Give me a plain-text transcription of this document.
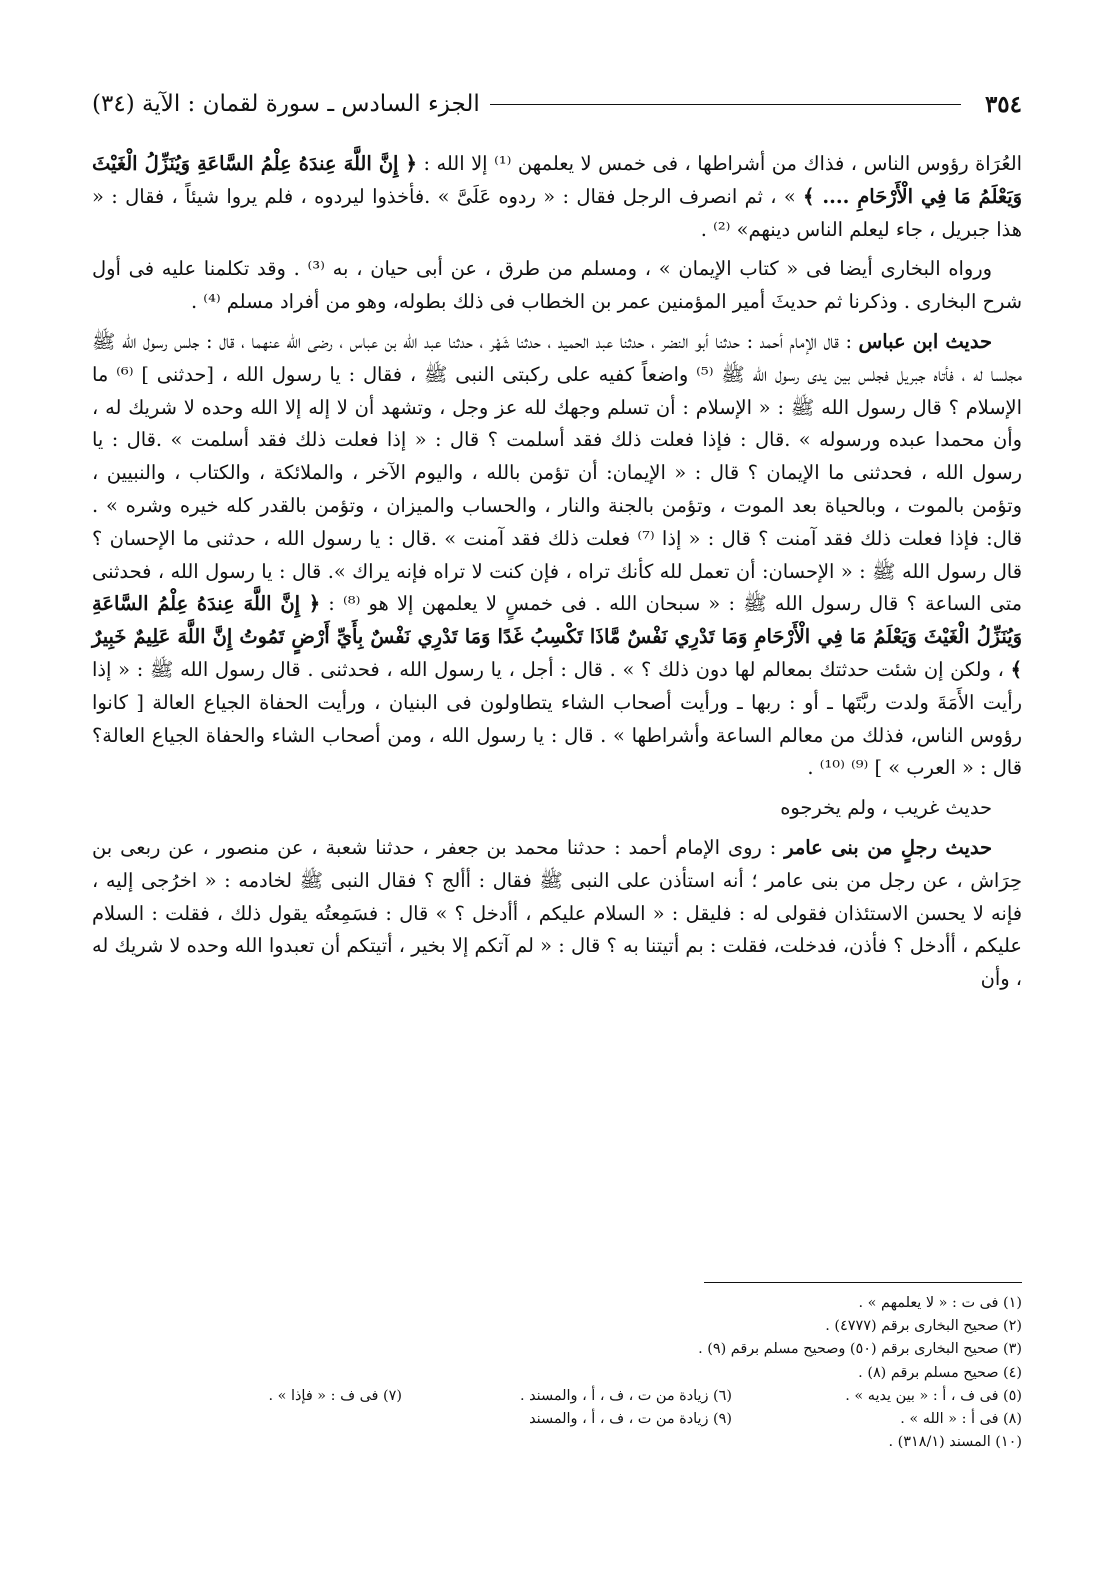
٣٥٤
الجزء السادس ـ سورة لقمان : الآية (٣٤)

العُرَاة رؤوس الناس ، فذاك من أشراطها ، فى خمس لا يعلمهن ⁽¹⁾ إلا الله : ﴿ إِنَّ اللَّهَ عِندَهُ عِلْمُ السَّاعَةِ وَيُنَزِّلُ الْغَيْثَ وَيَعْلَمُ مَا فِي الْأَرْحَامِ .... ﴾ » ، ثم انصرف الرجل فقال : « ردوه عَلَىَّ » .فأخذوا ليردوه ، فلم يروا شيئاً ، فقال : « هذا جبريل ، جاء ليعلم الناس دينهم» ⁽²⁾ .

ورواه البخارى أيضا فى « كتاب الإيمان » ، ومسلم من طرق ، عن أبى حيان ، به ⁽³⁾ . وقد تكلمنا عليه فى أول شرح البخارى . وذكرنا ثم حديثَ أمير المؤمنين عمر بن الخطاب فى ذلك بطوله، وهو من أفراد مسلم ⁽⁴⁾ .

حديث ابن عباس : قال الإمام أحمد : حدثنا أبو النضر ، حدثنا عبد الحميد ، حدثنا شَهْر ، حدثنا عبد الله بن عباس ، رضى الله عنهما ، قال : جلس رسول الله ﷺ مجلسا له ، فأتاه جبريل فجلس بين يدى رسول الله ﷺ ⁽⁵⁾ واضعاً كفيه على ركبتى النبى ﷺ ، فقال : يا رسول الله ، [حدثنى ] ⁽⁶⁾ ما الإسلام ؟ قال رسول الله ﷺ : « الإسلام : أن تسلم وجهك لله عز وجل ، وتشهد أن لا إله إلا الله وحده لا شريك له ، وأن محمدا عبده ورسوله » .قال : فإذا فعلت ذلك فقد أسلمت ؟ قال : « إذا فعلت ذلك فقد أسلمت » .قال : يا رسول الله ، فحدثنى ما الإيمان ؟ قال : « الإيمان: أن تؤمن بالله ، واليوم الآخر ، والملائكة ، والكتاب ، والنبيين ، وتؤمن بالموت ، وبالحياة بعد الموت ، وتؤمن بالجنة والنار ، والحساب والميزان ، وتؤمن بالقدر كله خيره وشره » . قال: فإذا فعلت ذلك فقد آمنت ؟ قال : « إذا ⁽⁷⁾ فعلت ذلك فقد آمنت » .قال : يا رسول الله ، حدثنى ما الإحسان ؟ قال رسول الله ﷺ : « الإحسان: أن تعمل لله كأنك تراه ، فإن كنت لا تراه فإنه يراك ». قال : يا رسول الله ، فحدثنى متى الساعة ؟ قال رسول الله ﷺ : « سبحان الله . فى خمسٍ لا يعلمهن إلا هو ⁽⁸⁾ : ﴿ إِنَّ اللَّهَ عِندَهُ عِلْمُ السَّاعَةِ وَيُنَزِّلُ الْغَيْثَ وَيَعْلَمُ مَا فِي الْأَرْحَامِ وَمَا تَدْرِي نَفْسٌ مَّاذَا تَكْسِبُ غَدًا وَمَا تَدْرِي نَفْسٌ بِأَيِّ أَرْضٍ تَمُوتُ إِنَّ اللَّهَ عَلِيمٌ خَبِيرٌ ﴾ ، ولكن إن شئت حدثتك بمعالم لها دون ذلك ؟ » . قال : أجل ، يا رسول الله ، فحدثنى . قال رسول الله ﷺ : « إذا رأيت الأَمَةَ ولدت ربَّتَها ـ أو : ربها ـ ورأيت أصحاب الشاء يتطاولون فى البنيان ، ورأيت الحفاة الجياع العالة [ كانوا رؤوس الناس، فذلك من معالم الساعة وأشراطها » . قال : يا رسول الله ، ومن أصحاب الشاء والحفاة الجياع العالة؟ قال : « العرب » ] ⁽⁹⁾ ⁽¹⁰⁾ .

حديث غريب ، ولم يخرجوه

حديث رجلٍ من بنى عامر : روى الإمام أحمد : حدثنا محمد بن جعفر ، حدثنا شعبة ، عن منصور ، عن ربعى بن حِرَاش ، عن رجل من بنى عامر ؛ أنه استأذن على النبى ﷺ فقال : أألج ؟ فقال النبى ﷺ لخادمه : « اخرُجى إليه ، فإنه لا يحسن الاستئذان فقولى له : فليقل : « السلام عليكم ، أأدخل ؟ » قال : فسَمِعتُه يقول ذلك ، فقلت : السلام عليكم ، أأدخل ؟ فأذن، فدخلت، فقلت : بم أتيتنا به ؟ قال : « لم آتكم إلا بخير ، أتيتكم أن تعبدوا الله وحده لا شريك له ، وأن

(١) فى ت : « لا يعلمهم » .
(٢) صحيح البخارى برقم (٤٧٧٧) .
(٣) صحيح البخارى برقم (٥٠) وصحيح مسلم برقم (٩) .
(٤) صحيح مسلم برقم (٨) .
(٥) فى ف ، أ : « بين يديه » .
(٦) زيادة من ت ، ف ، أ ، والمسند .
(٧) فى ف : « فإذا » .
(٨) فى أ : « الله » .
(٩) زيادة من ت ، ف ، أ ، والمسند
(١٠) المسند (٣١٨/١) .
